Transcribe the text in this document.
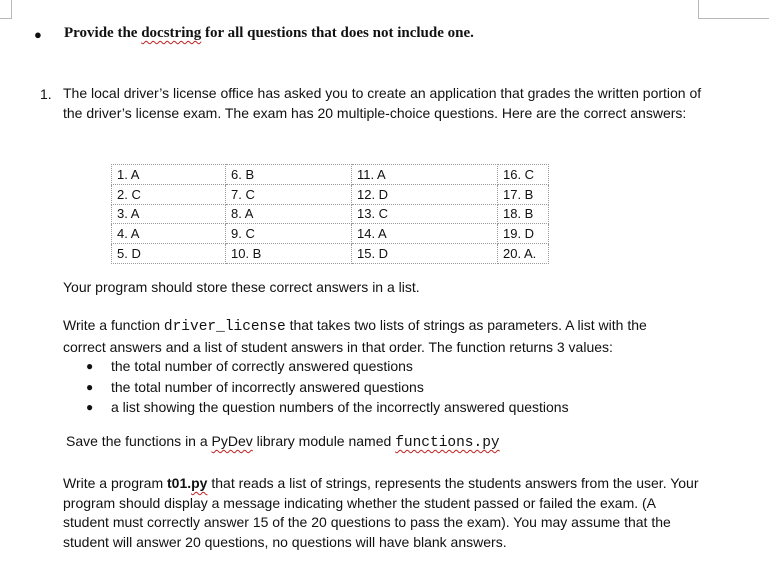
● Provide the docstring for all questions that does not include one.
1. The local driver’s license office has asked you to create an application that grades the written portion of the driver’s license exam. The exam has 20 multiple-choice questions. Here are the correct answers:
1. A	6. B	11. A	16. C
2. C	7. C	12. D	17. B
3. A	8. A	13. C	18. B
4. A	9. C	14. A	19. D
5. D	10. B	15. D	20. A.
Your program should store these correct answers in a list.
Write a function driver_license that takes two lists of strings as parameters. A list with the correct answers and a list of student answers in that order. The function returns 3 values:
● the total number of correctly answered questions
● the total number of incorrectly answered questions
● a list showing the question numbers of the incorrectly answered questions
Save the functions in a PyDev library module named functions.py
Write a program t01.py that reads a list of strings, represents the students answers from the user. Your program should display a message indicating whether the student passed or failed the exam. (A student must correctly answer 15 of the 20 questions to pass the exam). You may assume that the student will answer 20 questions, no questions will have blank answers.
